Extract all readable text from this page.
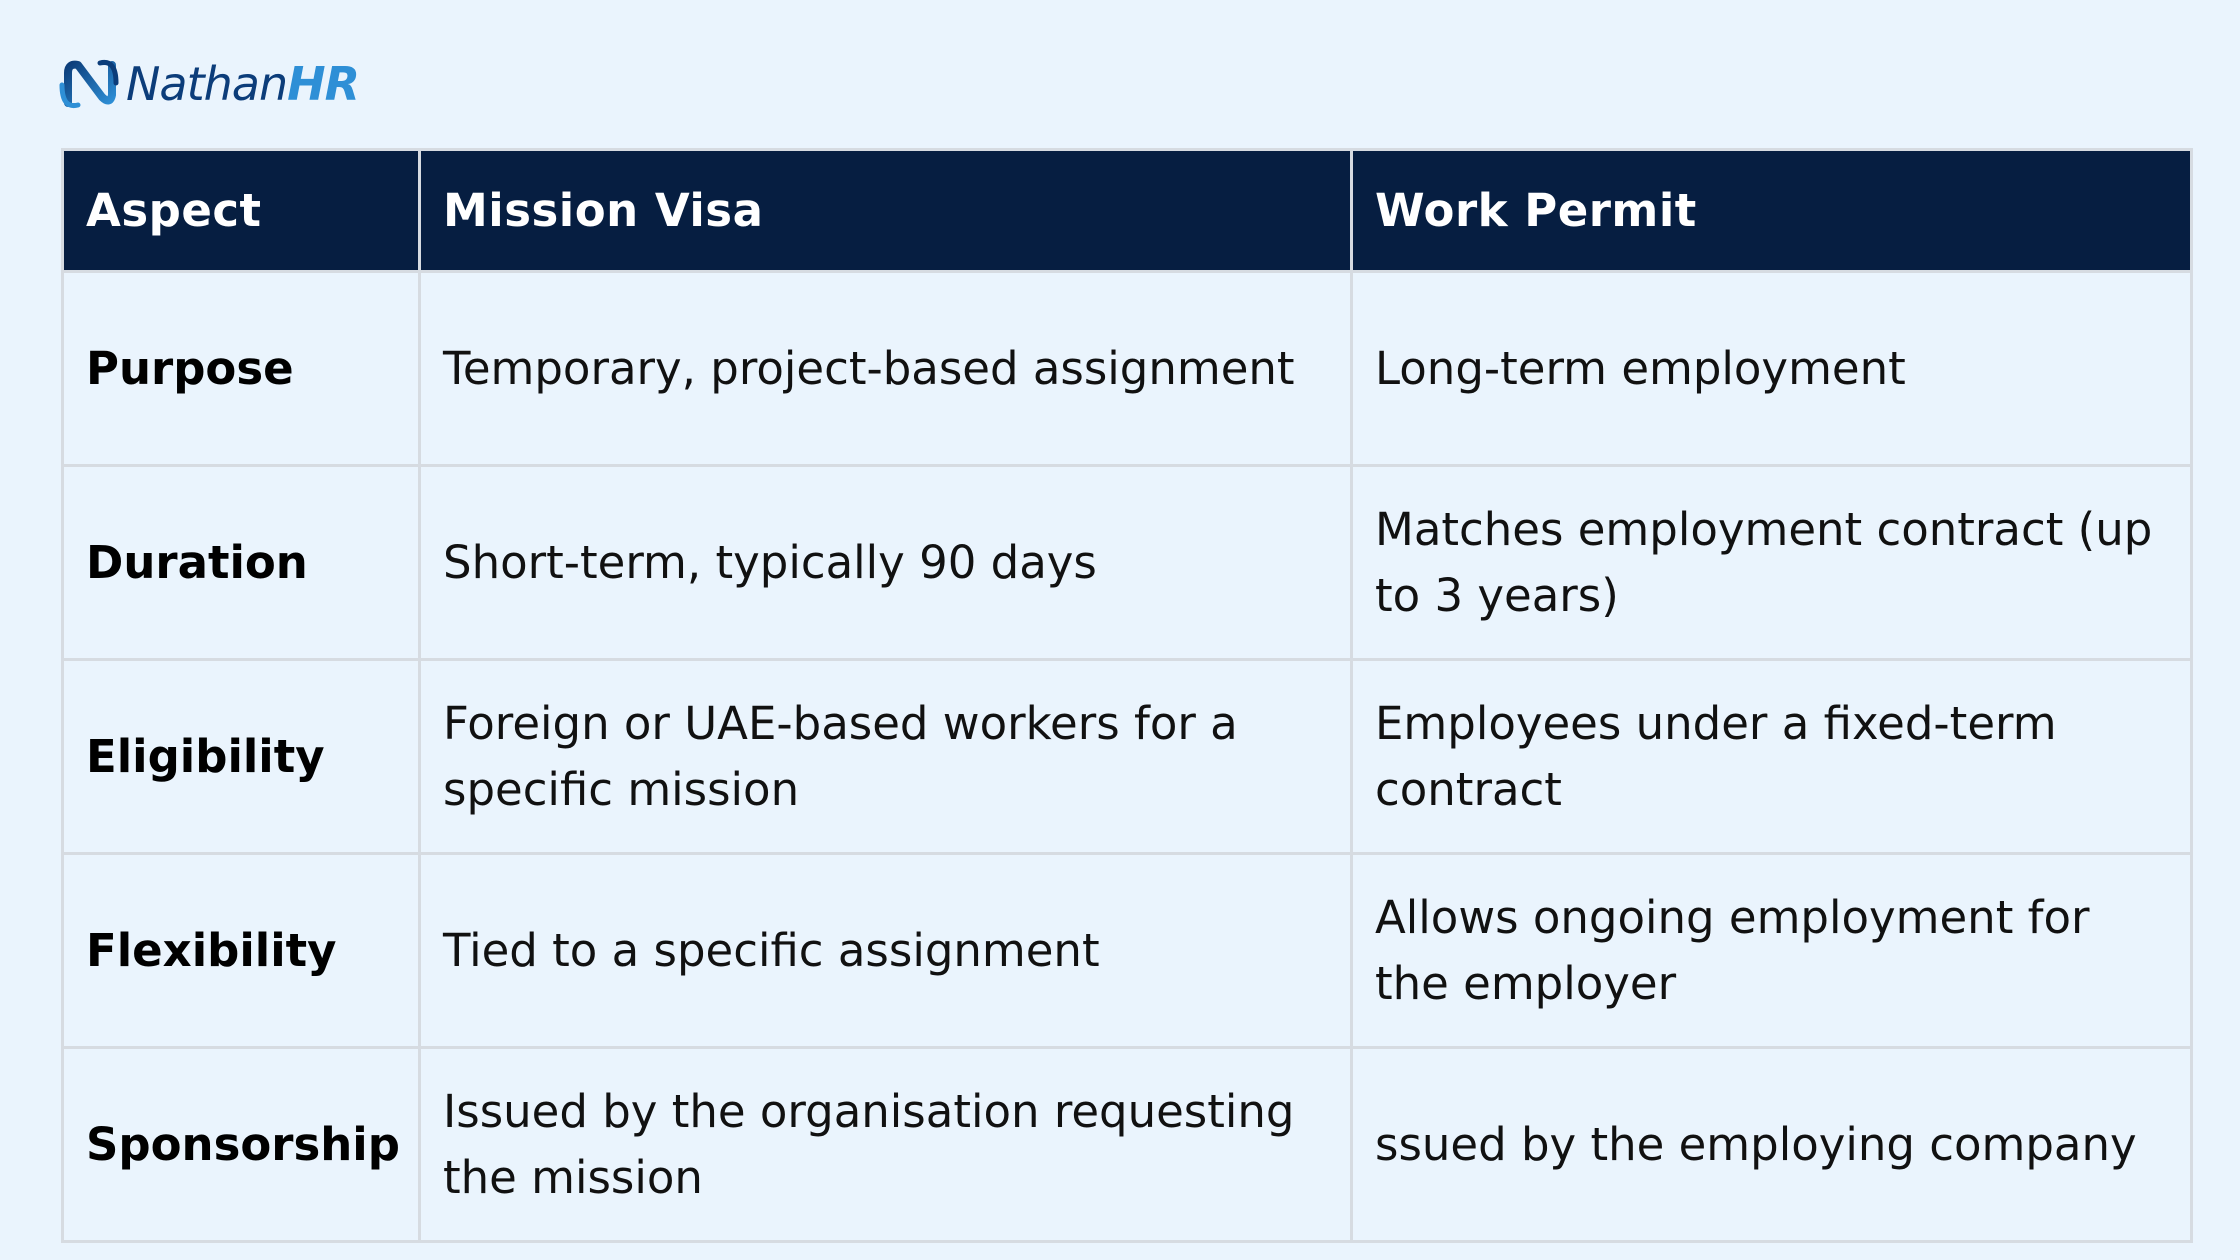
NathanHR
Aspect	Mission Visa	Work Permit
Purpose	Temporary, project-based assignment	Long-term employment
Duration	Short-term, typically 90 days	Matches employment contract (up to 3 years)
Eligibility	Foreign or UAE-based workers for a specific mission	Employees under a fixed-term contract
Flexibility	Tied to a specific assignment	Allows ongoing employment for the employer
Sponsorship	Issued by the organisation requesting the mission	ssued by the employing company
